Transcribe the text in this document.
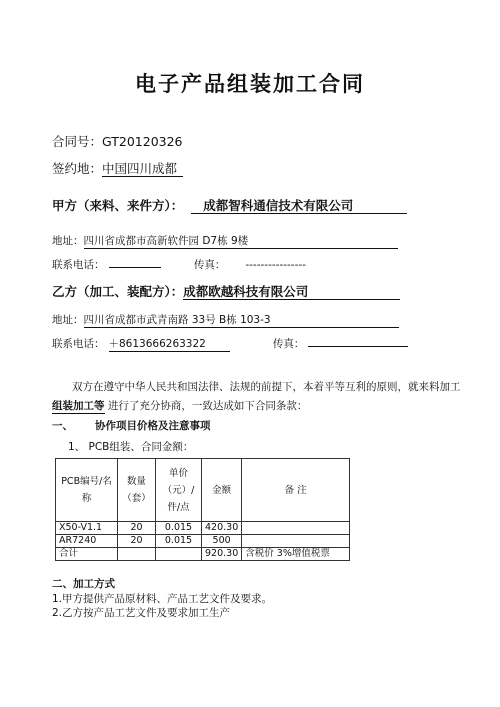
电子产品组装加工合同
合同号：GT20120326
签约地：中国四川成都
甲方（来料、来件方）： 成都智科通信技术有限公司
地址：四川省成都市高新软件园 D7栋 9楼
联系电话：	传真： ----------------
乙方（加工、装配方）：成都欧越科技有限公司
地址：四川省成都市武青南路 33号 B栋 103-3
联系电话： ＋8613666263322	传真：
双方在遵守中华人民共和国法律、法规的前提下，本着平等互利的原则，就来料加工
组装加工等 进行了充分协商，一致达成如下合同条款：
一、 协作项目价格及注意事项
1、 PCB组装、合同金额：
PCB编号/名称	数量（套）	单价（元）/件/点	金额	备 注
X50-V1.1	20	0.015	420.30	
AR7240	20	0.015	500	
合计			920.30	含税价 3%增值税票
二、加工方式
1.甲方提供产品原材料、产品工艺文件及要求。
2.乙方按产品工艺文件及要求加工生产
